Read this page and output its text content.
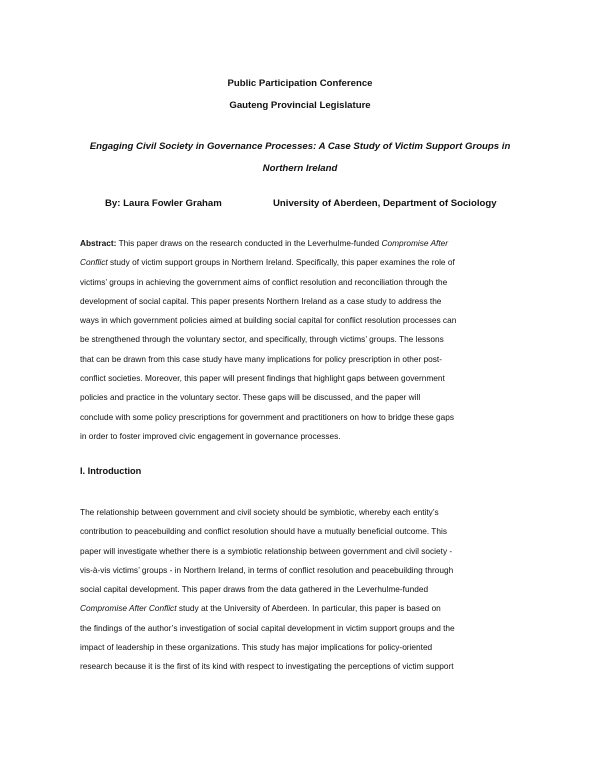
Public Participation Conference
Gauteng Provincial Legislature
Engaging Civil Society in Governance Processes: A Case Study of Victim Support Groups in
Northern Ireland
By: Laura Fowler Graham	University of Aberdeen, Department of Sociology

Abstract: This paper draws on the research conducted in the Leverhulme-funded Compromise After
Conflict study of victim support groups in Northern Ireland. Specifically, this paper examines the role of
victims’ groups in achieving the government aims of conflict resolution and reconciliation through the
development of social capital. This paper presents Northern Ireland as a case study to address the
ways in which government policies aimed at building social capital for conflict resolution processes can
be strengthened through the voluntary sector, and specifically, through victims’ groups. The lessons
that can be drawn from this case study have many implications for policy prescription in other post-
conflict societies. Moreover, this paper will present findings that highlight gaps between government
policies and practice in the voluntary sector. These gaps will be discussed, and the paper will
conclude with some policy prescriptions for government and practitioners on how to bridge these gaps
in order to foster improved civic engagement in governance processes.

I. Introduction

The relationship between government and civil society should be symbiotic, whereby each entity’s
contribution to peacebuilding and conflict resolution should have a mutually beneficial outcome. This
paper will investigate whether there is a symbiotic relationship between government and civil society -
vis-à-vis victims’ groups - in Northern Ireland, in terms of conflict resolution and peacebuilding through
social capital development. This paper draws from the data gathered in the Leverhulme-funded
Compromise After Conflict study at the University of Aberdeen. In particular, this paper is based on
the findings of the author’s investigation of social capital development in victim support groups and the
impact of leadership in these organizations. This study has major implications for policy-oriented
research because it is the first of its kind with respect to investigating the perceptions of victim support
